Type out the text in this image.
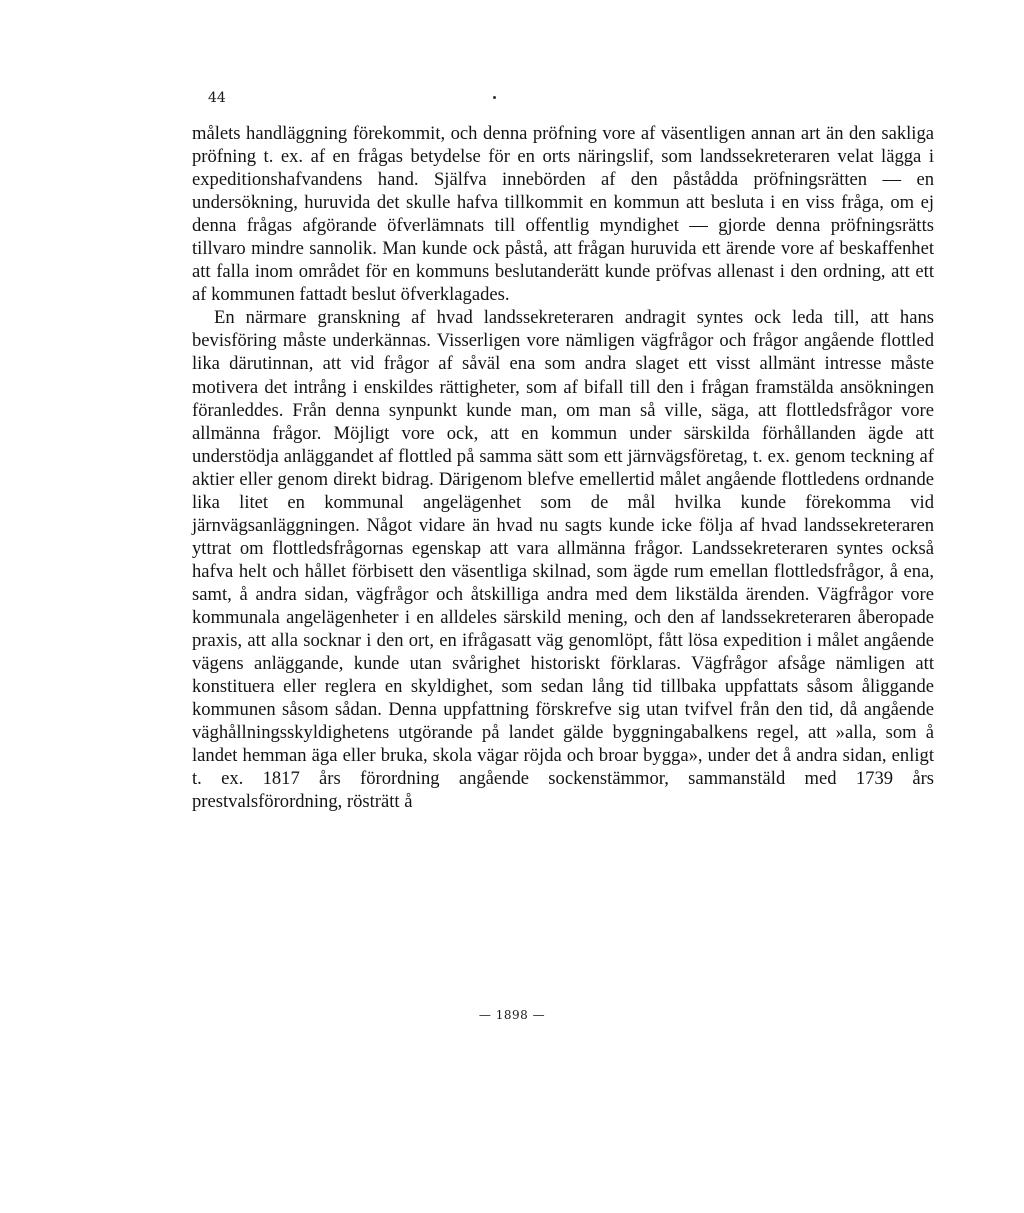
44

målets handläggning förekommit, och denna pröfning vore af väsentligen annan art än den sakliga pröfning t. ex. af en frågas betydelse för en orts näringslif, som landssekreteraren velat lägga i expeditionshafvandens hand. Själfva innebörden af den påstådda pröfningsrätten — en undersökning, huruvida det skulle hafva tillkommit en kommun att besluta i en viss fråga, om ej denna frågas afgörande öfverlämnats till offentlig myndighet — gjorde denna pröfningsrätts tillvaro mindre sannolik. Man kunde ock påstå, att frågan huruvida ett ärende vore af beskaffenhet att falla inom området för en kommuns beslutanderätt kunde pröfvas allenast i den ordning, att ett af kommunen fattadt beslut öfverklagades.

En närmare granskning af hvad landssekreteraren andragit syntes ock leda till, att hans bevisföring måste underkännas. Visserligen vore nämligen vägfrågor och frågor angående flottled lika därutinnan, att vid frågor af såväl ena som andra slaget ett visst allmänt intresse måste motivera det intrång i enskildes rättigheter, som af bifall till den i frågan framstälda ansökningen föranleddes. Från denna synpunkt kunde man, om man så ville, säga, att flottledsfrågor vore allmänna frågor. Möjligt vore ock, att en kommun under särskilda förhållanden ägde att understödja anläggandet af flottled på samma sätt som ett järnvägsföretag, t. ex. genom teckning af aktier eller genom direkt bidrag. Därigenom blefve emellertid målet angående flottledens ordnande lika litet en kommunal angelägenhet som de mål hvilka kunde förekomma vid järnvägsanläggningen. Något vidare än hvad nu sagts kunde icke följa af hvad landssekreteraren yttrat om flottledsfrågornas egenskap att vara allmänna frågor. Landssekreteraren syntes också hafva helt och hållet förbisett den väsentliga skilnad, som ägde rum emellan flottledsfrågor, å ena, samt, å andra sidan, vägfrågor och åtskilliga andra med dem likstälda ärenden. Vägfrågor vore kommunala angelägenheter i en alldeles särskild mening, och den af landssekreteraren åberopade praxis, att alla socknar i den ort, en ifrågasatt väg genomlöpt, fått lösa expedition i målet angående vägens anläggande, kunde utan svårighet historiskt förklaras. Vägfrågor afsåge nämligen att konstituera eller reglera en skyldighet, som sedan lång tid tillbaka uppfattats såsom åliggande kommunen såsom sådan. Denna uppfattning förskrefve sig utan tvifvel från den tid, då angående väghållningsskyldighetens utgörande på landet gälde byggningabalkens regel, att »alla, som å landet hemman äga eller bruka, skola vägar röjda och broar bygga», under det å andra sidan, enligt t. ex. 1817 års förordning angående sockenstämmor, sammanstäld med 1739 års prestvalsförordning, rösträtt å

— 1898 —
